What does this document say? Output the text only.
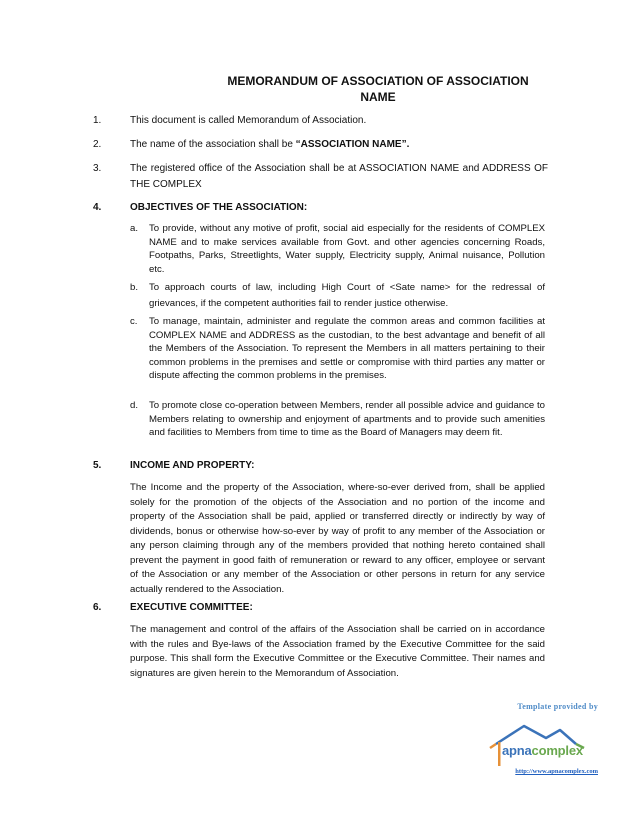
MEMORANDUM OF ASSOCIATION OF ASSOCIATION
NAME
1.	This document is called Memorandum of Association.
2.	The name of the association shall be “ASSOCIATION NAME”.
3.	The registered office of the Association shall be at ASSOCIATION NAME and ADDRESS OF THE COMPLEX
4.	OBJECTIVES OF THE ASSOCIATION:
a.	To provide, without any motive of profit, social aid especially for the residents of COMPLEX NAME and to make services available from Govt. and other agencies concerning Roads, Footpaths, Parks, Streetlights, Water supply, Electricity supply, Animal nuisance, Pollution etc.
b.	To approach courts of law, including High Court of <Sate name> for the redressal of grievances, if the competent authorities fail to render justice otherwise.
c.	To manage, maintain, administer and regulate the common areas and common facilities at COMPLEX NAME and ADDRESS as the custodian, to the best advantage and benefit of all the Members of the Association. To represent the Members in all matters pertaining to their common problems in the premises and settle or compromise with third parties any matter or dispute affecting the common problems in the premises.
d.	To promote close co-operation between Members, render all possible advice and guidance to Members relating to ownership and enjoyment of apartments and to provide such amenities and facilities to Members from time to time as the Board of Managers may deem fit.
5.	INCOME AND PROPERTY:
The Income and the property of the Association, where-so-ever derived from, shall be applied solely for the promotion of the objects of the Association and no portion of the income and property of the Association shall be paid, applied or transferred directly or indirectly by way of dividends, bonus or otherwise how-so-ever by way of profit to any member of the Association or any person claiming through any of the members provided that nothing hereto contained shall prevent the payment in good faith of remuneration or reward to any officer, employee or servant of the Association or any member of the Association or other persons in return for any service actually rendered to the Association.
6.	EXECUTIVE COMMITTEE:
The management and control of the affairs of the Association shall be carried on in accordance with the rules and Bye-laws of the Association framed by the Executive Committee for the said purpose. This shall form the Executive Committee or the Executive Committee. Their names and signatures are given herein to the Memorandum of Association.
Template provided by
apnacomplex
http://www.apnacomplex.com
